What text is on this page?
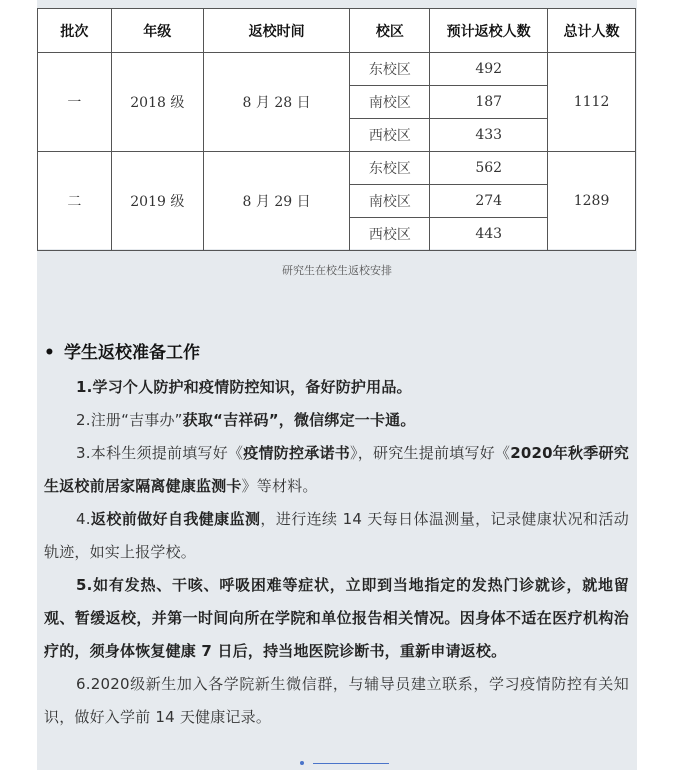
批次	年级	返校时间	校区	预计返校人数	总计人数
一	2018 级	8 月 28 日	东校区	492	1112
			南校区	187	
			西校区	433	
二	2019 级	8 月 29 日	东校区	562	1289
			南校区	274	
			西校区	443	
研究生在校生返校安排
• 学生返校准备工作
1.学习个人防护和疫情防控知识，备好防护用品。
2.注册“吉事办”获取“吉祥码”，微信绑定一卡通。
3.本科生须提前填写好《疫情防控承诺书》，研究生提前填写好《2020年秋季研究生返校前居家隔离健康监测卡》等材料。
4.返校前做好自我健康监测，进行连续 14 天每日体温测量，记录健康状况和活动轨迹，如实上报学校。
5.如有发热、干咳、呼吸困难等症状，立即到当地指定的发热门诊就诊，就地留观、暂缓返校，并第一时间向所在学院和单位报告相关情况。因身体不适在医疗机构治疗的，须身体恢复健康 7 日后，持当地医院诊断书，重新申请返校。
6.2020级新生加入各学院新生微信群，与辅导员建立联系，学习疫情防控有关知识，做好入学前 14 天健康记录。
